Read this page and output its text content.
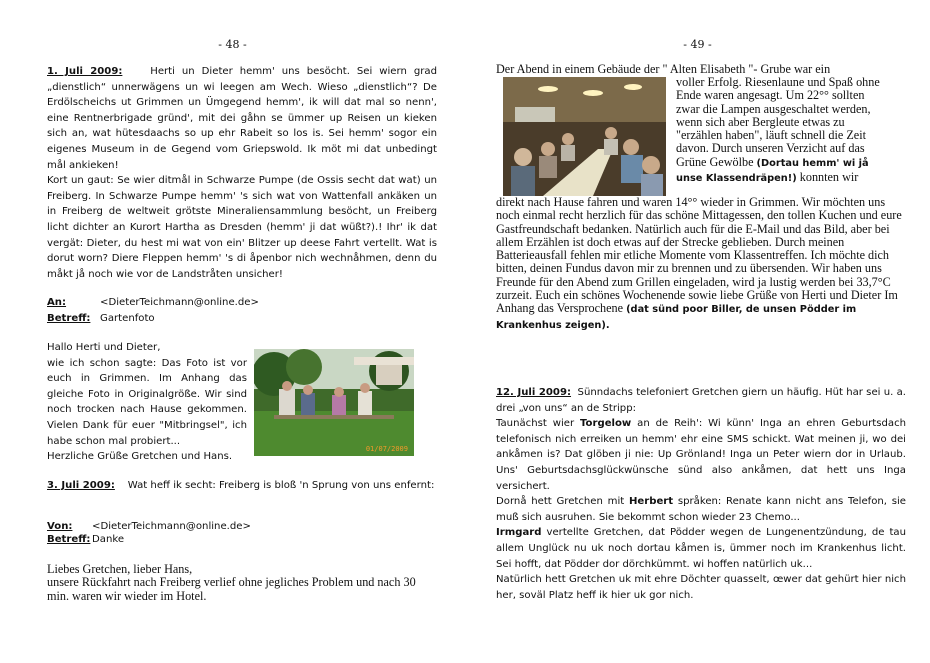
- 48 -

1. Juli 2009:	Herti un Dieter hemm' uns besöcht. Sei wiern grad „dienstlich“ unnerwägens un wi leegen am Wech. Wieso „dienstlich“? De Erdölscheichs ut Grimmen un Ümgegend hemm', ik will dat mal so nenn', eine Rentnerbrigade gründ', mit dei gåhn se ümmer up Reisen un kieken sich an, wat hütesdaachs so up ehr Rabeit so los is. Sei hemm' sogor ein eigenes Museum in de Gegend vom Griepswold. Ik möt mi dat unbedingt mål ankieken!

Kort un gaut: Se wier ditmål in Schwarze Pumpe (de Ossis secht dat wat) un Freiberg. In Schwarze Pumpe hemm' 's sich wat von Wattenfall ankäken un in Freiberg de weltweit grötste Mineraliensammlung besöcht, un Freiberg licht dichter an Kurort Hartha as Dresden (hemm' ji dat wüßt?).! Ihr' ik dat vergät: Dieter, du hest mi wat von ein' Blitzer up deese Fahrt vertellt. Wat is dorut worn? Diere Fleppen hemm' 's di åpenbor nich wechnåhmen, denn du måkt jå noch wie vor de Landstråten unsicher!

An:	<DieterTeichmann@online.de>
Betreff: Gartenfoto

Hallo Herti und Dieter,

wie ich schon sagte: Das Foto ist vor euch in Grimmen. Im Anhang das gleiche Foto in Originalgröße. Wir sind noch trocken nach Hause gekommen. Vielen Dank für euer "Mitbringsel", ich habe schon mal probiert...

Herzliche Grüße Gretchen und Hans.

01/07/2009

3. Juli 2009: Wat heff ik secht: Freiberg is bloß 'n Sprung von uns enfernt:

Von:	<DieterTeichmann@online.de>
Betreff: Danke

Liebes Gretchen, lieber Hans,

unsere Rückfahrt nach Freiberg verlief ohne jegliches Problem und nach 30 min. waren wir wieder im Hotel.

- 49 -
Der Abend in einem Gebäude der " Alten Elisabeth "- Grube war ein
voller Erfolg. Riesenlaune und Spaß ohne Ende waren angesagt. Um 22°° sollten zwar die Lampen ausgeschaltet werden, wenn sich aber Bergleute etwas zu "erzählen haben", läuft schnell die Zeit davon. Durch unseren Verzicht auf das Grüne Gewölbe (Dortau hemm' wi jå unse Klassendräpen!) konnten wir
direkt nach Hause fahren und waren 14°° wieder in Grimmen. Wir möchten uns noch einmal recht herzlich für das schöne Mittagessen, den tollen Kuchen und eure Gastfreundschaft bedanken. Natürlich auch für die E-Mail und das Bild, aber bei allem Erzählen ist doch etwas auf der Strecke geblieben. Durch meinen Batterieausfall fehlen mir etliche Momente vom Klassentreffen. Ich möchte dich bitten, deinen Fundus davon mir zu brennen und zu übersenden. Wir haben uns Freunde für den Abend zum Grillen eingeladen, wird ja lustig werden bei 33,7°C zurzeit. Euch ein schönes Wochenende sowie liebe Grüße von Herti und Dieter Im Anhang das Versprochene (dat sünd poor Biller, de unsen Pödder im Krankenhus zeigen).

12. Juli 2009: Sünndachs telefoniert Gretchen giern un häufig. Hüt har sei u. a. drei „von uns“ an de Stripp:

Taunächst wier Torgelow an de Reih': Wi künn' Inga an ehren Geburtsdach telefonisch nich erreiken un hemm' ehr eine SMS schickt. Wat meinen ji, wo dei ankåmen is? Dat glöben ji nie: Up Grönland! Inga un Peter wiern dor in Urlaub. Uns' Geburtsdachsglückwünsche sünd also ankåmen, dat hett uns Inga versichert.

Dornå hett Gretchen mit Herbert språken: Renate kann nicht ans Telefon, sie muß sich ausruhen. Sie bekommt schon wieder 23 Chemo...

Irmgard vertellte Gretchen, dat Pödder wegen de Lungenentzündung, de tau allem Unglück nu uk noch dortau kåmen is, ümmer noch im Krankenhus licht. Sei hofft, dat Pödder dor dörchkümmt. wi hoffen natürlich uk...

Natürlich hett Gretchen uk mit ehre Döchter quasselt, œwer dat gehürt hier nich her, soväl Platz heff ik hier uk gor nich.
